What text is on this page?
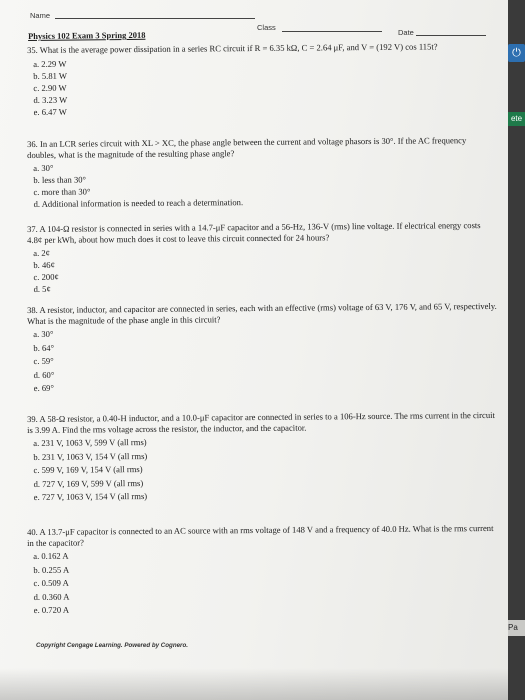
Name
Class
Date
Physics 102 Exam 3 Spring 2018

35. What is the average power dissipation in a series RC circuit if R = 6.35 kΩ, C = 2.64 μF, and V = (192 V) cos 115t?

a. 2.29 W
b. 5.81 W
c. 2.90 W
d. 3.23 W
e. 6.47 W

36. In an LCR series circuit with XL > XC, the phase angle between the current and voltage phasors is 30°. If the AC frequency doubles, what is the magnitude of the resulting phase angle?

a. 30°
b. less than 30°
c. more than 30°
d. Additional information is needed to reach a determination.

37. A 104-Ω resistor is connected in series with a 14.7-μF capacitor and a 56-Hz, 136-V (rms) line voltage. If electrical energy costs 4.8¢ per kWh, about how much does it cost to leave this circuit connected for 24 hours?

a. 2¢
b. 46¢
c. 200¢
d. 5¢

38. A resistor, inductor, and capacitor are connected in series, each with an effective (rms) voltage of 63 V, 176 V, and 65 V, respectively. What is the magnitude of the phase angle in this circuit?

a. 30°
b. 64°
c. 59°
d. 60°
e. 69°

39. A 58-Ω resistor, a 0.40-H inductor, and a 10.0-μF capacitor are connected in series to a 106-Hz source. The rms current in the circuit is 3.99 A. Find the rms voltage across the resistor, the inductor, and the capacitor.

a. 231 V, 1063 V, 599 V (all rms)
b. 231 V, 1063 V, 154 V (all rms)
c. 599 V, 169 V, 154 V (all rms)
d. 727 V, 169 V, 599 V (all rms)
e. 727 V, 1063 V, 154 V (all rms)

40. A 13.7-μF capacitor is connected to an AC source with an rms voltage of 148 V and a frequency of 40.0 Hz. What is the rms current in the capacitor?

a. 0.162 A
b. 0.255 A
c. 0.509 A
d. 0.360 A
e. 0.720 A
Copyright Cengage Learning. Powered by Cognero.
⏻
ete
Pa
